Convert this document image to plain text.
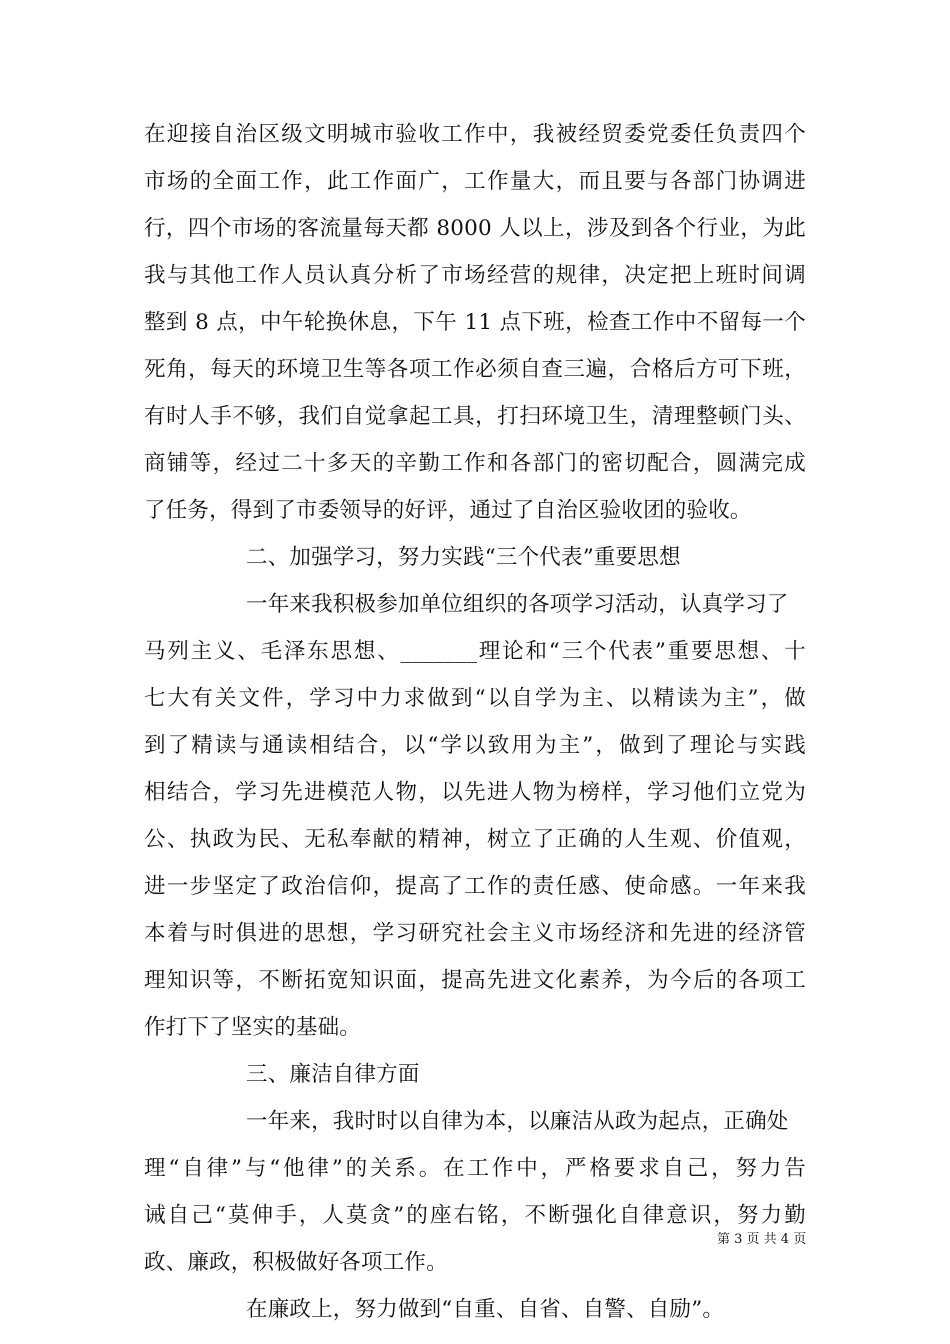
在迎接自治区级文明城市验收工作中，我被经贸委党委任负责四个
市场的全面工作，此工作面广，工作量大，而且要与各部门协调进
行，四个市场的客流量每天都 8000 人以上，涉及到各个行业，为此
我与其他工作人员认真分析了市场经营的规律，决定把上班时间调
整到 8 点，中午轮换休息，下午 11 点下班，检查工作中不留每一个
死角，每天的环境卫生等各项工作必须自查三遍，合格后方可下班，
有时人手不够，我们自觉拿起工具，打扫环境卫生，清理整顿门头、
商铺等，经过二十多天的辛勤工作和各部门的密切配合，圆满完成
了任务，得到了市委领导的好评，通过了自治区验收团的验收。
二、加强学习，努力实践“三个代表”重要思想
一年来我积极参加单位组织的各项学习活动，认真学习了
马列主义、毛泽东思想、_______理论和“三个代表”重要思想、十
七大有关文件，学习中力求做到“以自学为主、以精读为主”，做
到了精读与通读相结合，以“学以致用为主”，做到了理论与实践
相结合，学习先进模范人物，以先进人物为榜样，学习他们立党为
公、执政为民、无私奉献的精神，树立了正确的人生观、价值观，
进一步坚定了政治信仰，提高了工作的责任感、使命感。一年来我
本着与时俱进的思想，学习研究社会主义市场经济和先进的经济管
理知识等，不断拓宽知识面，提高先进文化素养，为今后的各项工
作打下了坚实的基础。
三、廉洁自律方面
一年来，我时时以自律为本，以廉洁从政为起点，正确处
理“自律”与“他律”的关系。在工作中，严格要求自己，努力告
诫自己“莫伸手，人莫贪”的座右铭，不断强化自律意识，努力勤
政、廉政，积极做好各项工作。
在廉政上，努力做到“自重、自省、自警、自励”。
第 3 页 共 4 页
